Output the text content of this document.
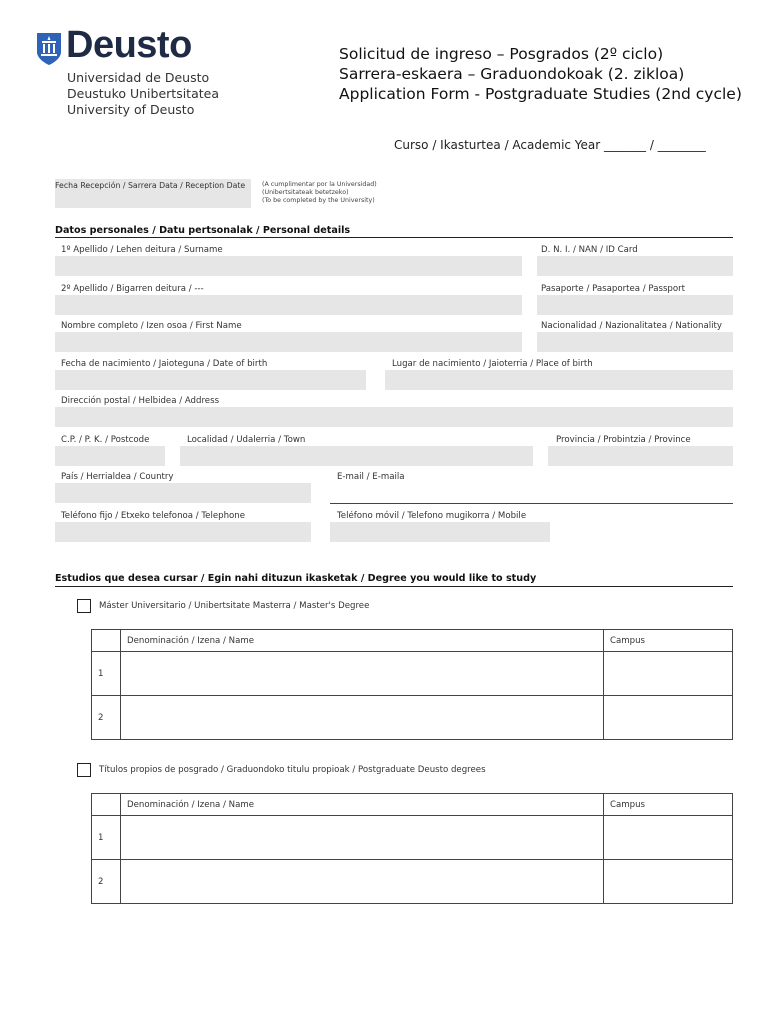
Deusto
Universidad de Deusto
Deustuko Unibertsitatea
University of Deusto
Solicitud de ingreso – Posgrados (2º ciclo)
Sarrera-eskaera – Graduondokoak (2. zikloa)
Application Form - Postgraduate Studies (2nd cycle)
Curso / Ikasturtea / Academic Year _______ / ________
Fecha Recepción / Sarrera Data / Reception Date	(A cumplimentar por la Universidad)
(Unibertsitateak betetzeko)
(To be completed by the University)
Datos personales / Datu pertsonalak / Personal details
1º Apellido / Lehen deitura / Surname	D. N. I. / NAN / ID Card
2º Apellido / Bigarren deitura / ---	Pasaporte / Pasaportea / Passport
Nombre completo / Izen osoa / First Name	Nacionalidad / Nazionalitatea / Nationality
Fecha de nacimiento / Jaioteguna / Date of birth	Lugar de nacimiento / Jaioterria / Place of birth
Dirección postal / Helbidea / Address
C.P. / P. K. / Postcode	Localidad / Udalerria / Town	Provincia / Probintzia / Province
País / Herrialdea / Country	E-mail / E-maila
Teléfono fijo / Etxeko telefonoa / Telephone	Teléfono móvil / Telefono mugikorra / Mobile
Estudios que desea cursar / Egin nahi dituzun ikasketak / Degree you would like to study
Máster Universitario / Unibertsitate Masterra / Master's Degree
	Denominación / Izena / Name	Campus
1		
2		
Títulos propios de posgrado / Graduondoko titulu propioak / Postgraduate Deusto degrees
	Denominación / Izena / Name	Campus
1		
2		
